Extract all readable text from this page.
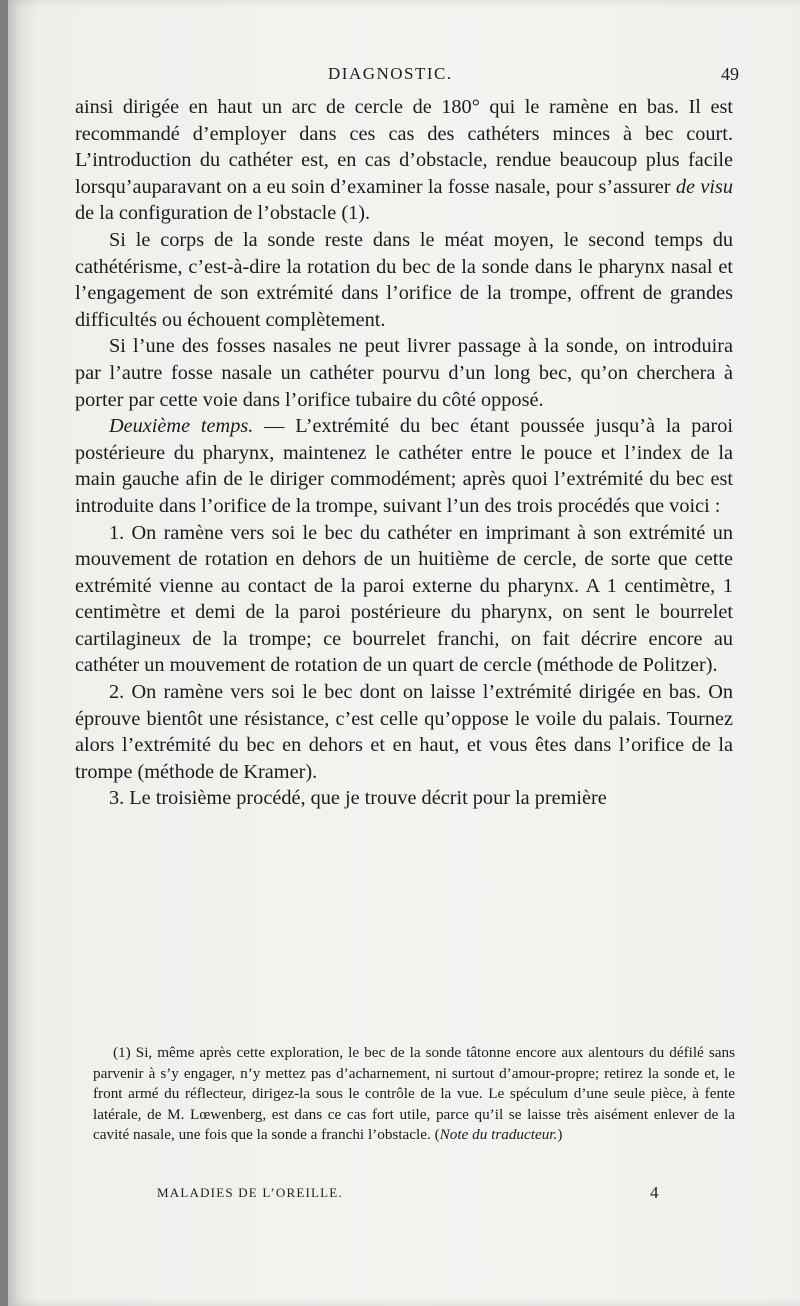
DIAGNOSTIC.	49

ainsi dirigée en haut un arc de cercle de 180° qui le ramène en bas. Il est recommandé d’employer dans ces cas des cathéters minces à bec court. L’introduction du cathéter est, en cas d’obstacle, rendue beaucoup plus facile lorsqu’auparavant on a eu soin d’examiner la fosse nasale, pour s’assurer de visu de la configuration de l’obstacle (1).

Si le corps de la sonde reste dans le méat moyen, le second temps du cathétérisme, c’est-à-dire la rotation du bec de la sonde dans le pharynx nasal et l’engagement de son extrémité dans l’orifice de la trompe, offrent de grandes difficultés ou échouent complètement.

Si l’une des fosses nasales ne peut livrer passage à la sonde, on introduira par l’autre fosse nasale un cathéter pourvu d’un long bec, qu’on cherchera à porter par cette voie dans l’orifice tubaire du côté opposé.

Deuxième temps. — L’extrémité du bec étant poussée jusqu’à la paroi postérieure du pharynx, maintenez le cathéter entre le pouce et l’index de la main gauche afin de le diriger commodément; après quoi l’extrémité du bec est introduite dans l’orifice de la trompe, suivant l’un des trois procédés que voici :

1. On ramène vers soi le bec du cathéter en imprimant à son extrémité un mouvement de rotation en dehors de un huitième de cercle, de sorte que cette extrémité vienne au contact de la paroi externe du pharynx. A 1 centimètre, 1 centimètre et demi de la paroi postérieure du pharynx, on sent le bourrelet cartilagineux de la trompe; ce bourrelet franchi, on fait décrire encore au cathéter un mouvement de rotation de un quart de cercle (méthode de Politzer).

2. On ramène vers soi le bec dont on laisse l’extrémité dirigée en bas. On éprouve bientôt une résistance, c’est celle qu’oppose le voile du palais. Tournez alors l’extrémité du bec en dehors et en haut, et vous êtes dans l’orifice de la trompe (méthode de Kramer).

3. Le troisième procédé, que je trouve décrit pour la première

(1) Si, même après cette exploration, le bec de la sonde tâtonne encore aux alentours du défilé sans parvenir à s’y engager, n’y mettez pas d’acharnement, ni surtout d’amour-propre; retirez la sonde et, le front armé du réflecteur, dirigez-la sous le contrôle de la vue. Le spéculum d’une seule pièce, à fente latérale, de M. Lœwenberg, est dans ce cas fort utile, parce qu’il se laisse très aisément enlever de la cavité nasale, une fois que la sonde a franchi l’obstacle. (Note du traducteur.)

MALADIES DE L’OREILLE.	4
